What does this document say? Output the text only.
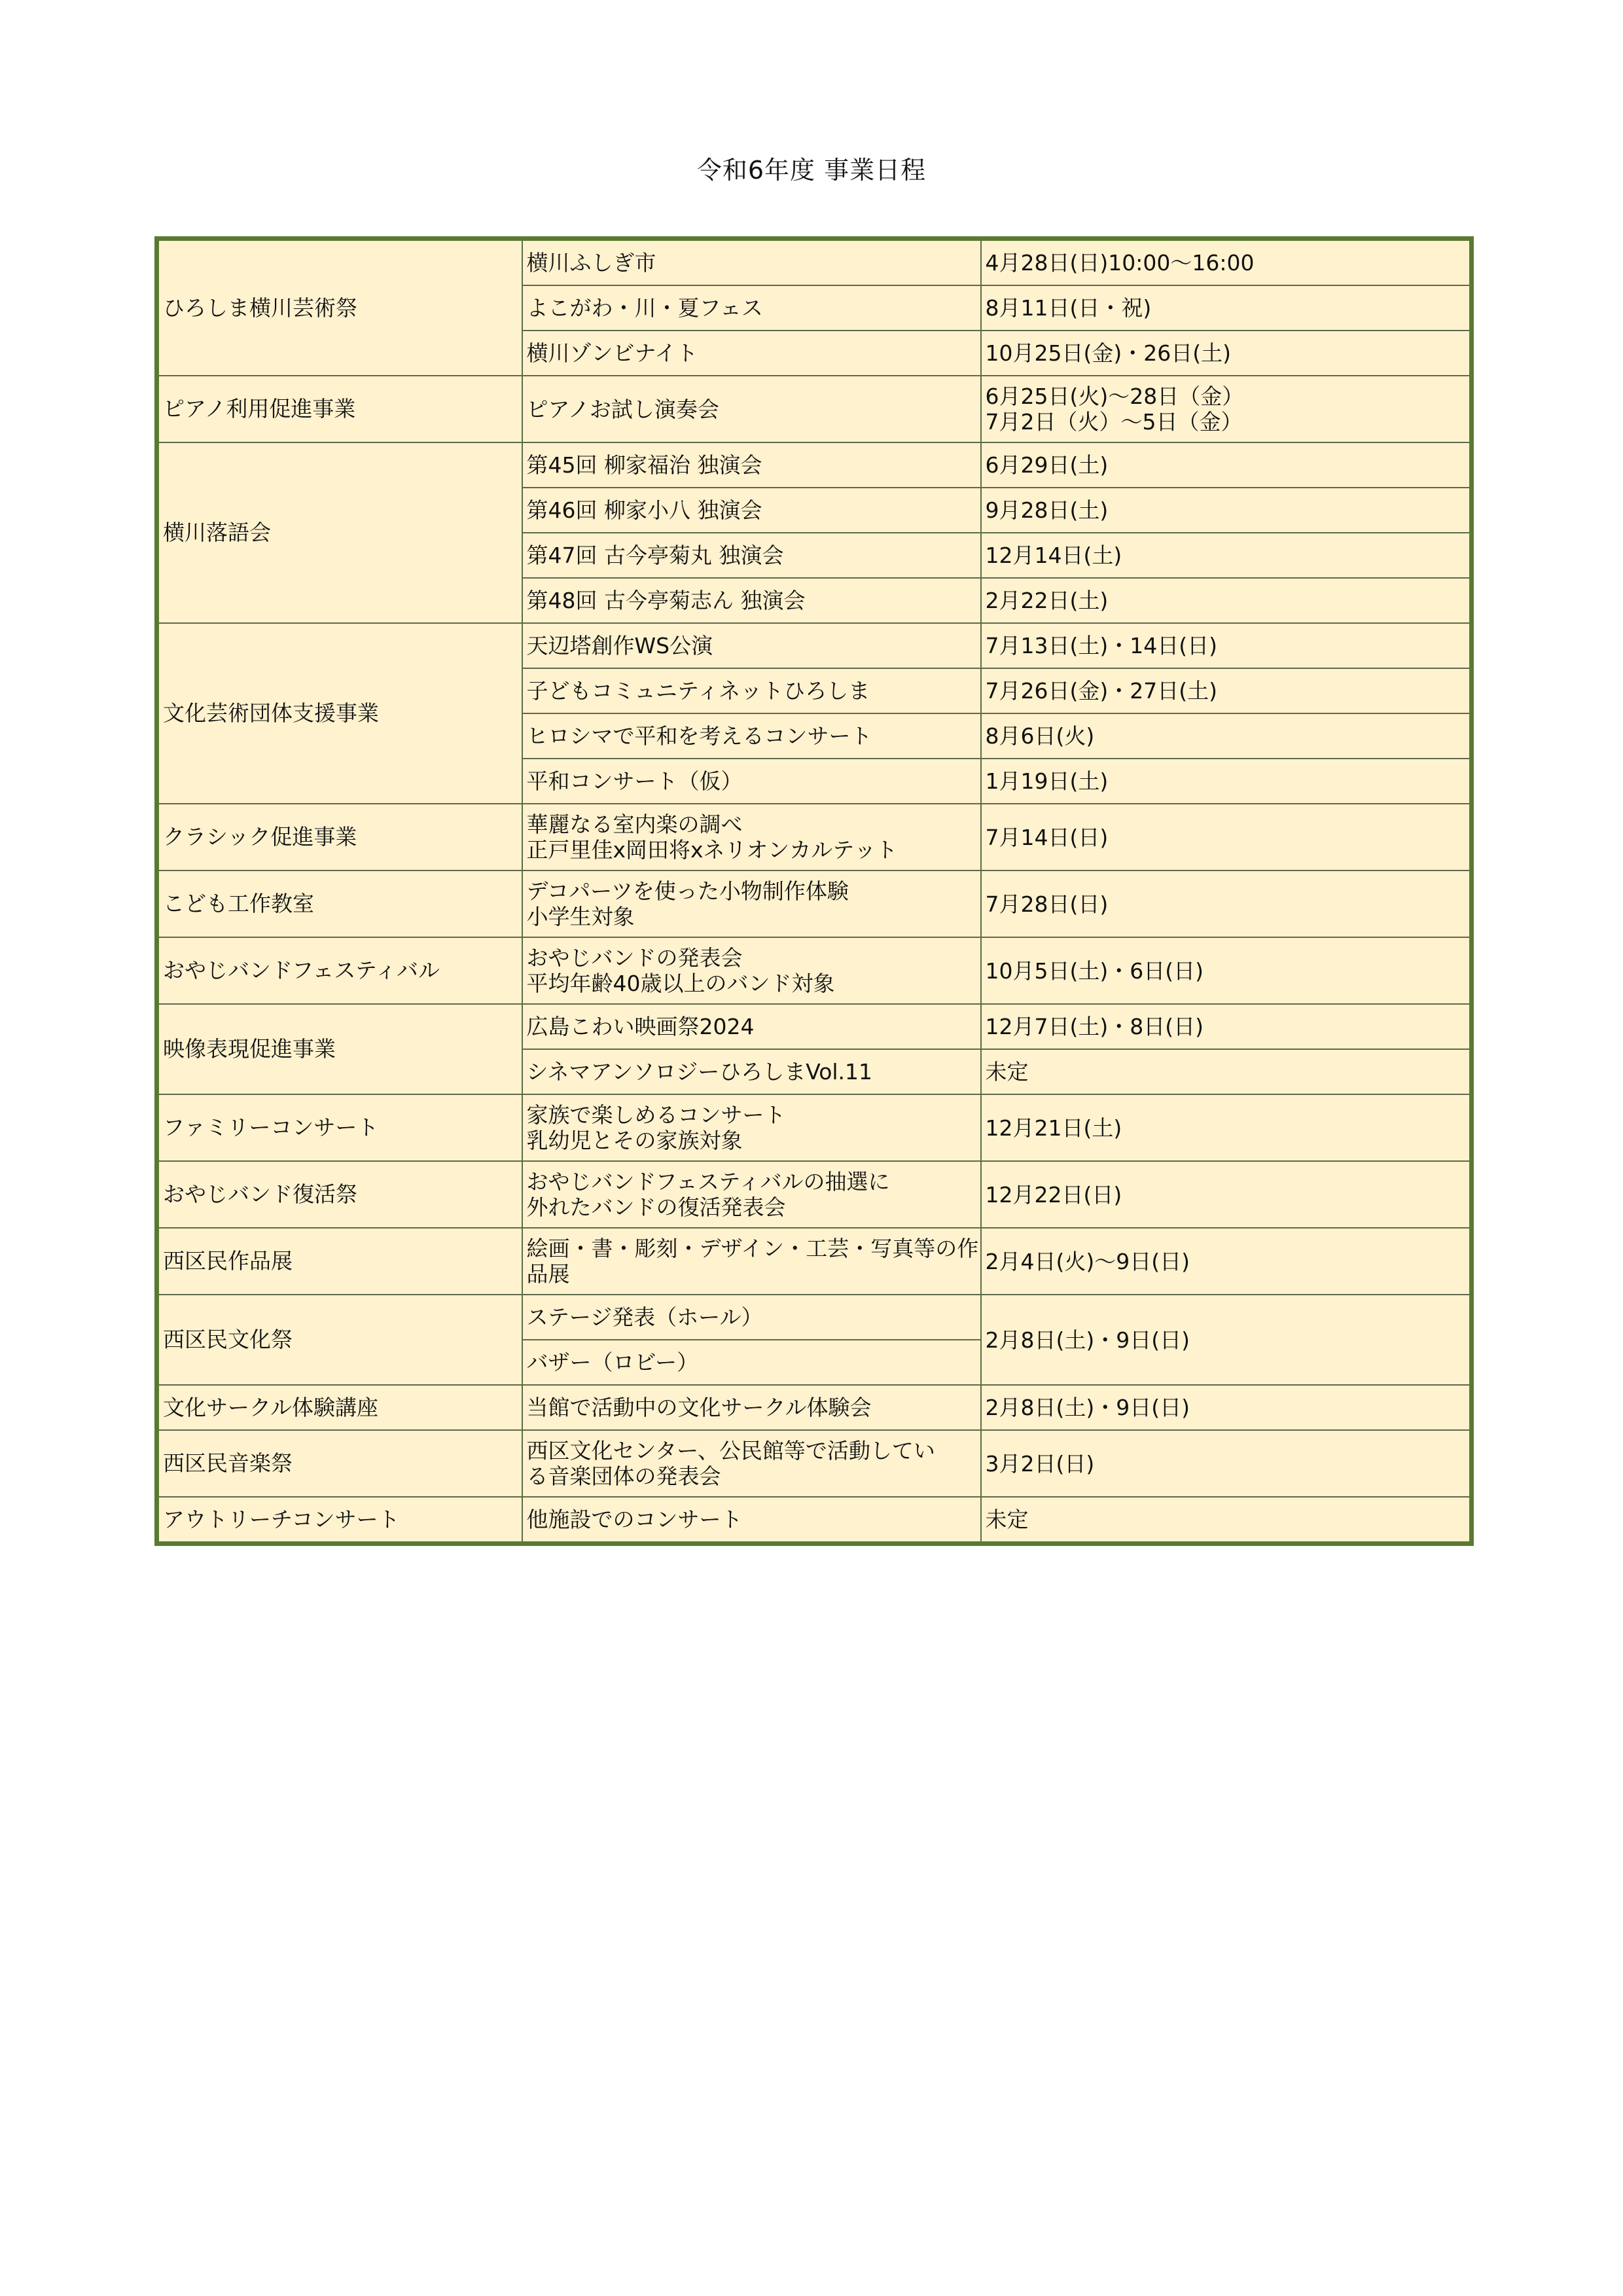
令和6年度 事業日程
ひろしま横川芸術祭	横川ふしぎ市	4月28日(日)10:00～16:00

	よこがわ・川・夏フェス	8月11日(日・祝)

	横川ゾンビナイト	10月25日(金)・26日(土)

ピアノ利用促進事業	ピアノお試し演奏会	6月25日(火)～28日（金）
7月2日（火）～5日（金）

横川落語会	第45回 柳家福治 独演会	6月29日(土)

	第46回 柳家小八 独演会	9月28日(土)

	第47回 古今亭菊丸 独演会	12月14日(土)

	第48回 古今亭菊志ん 独演会	2月22日(土)

文化芸術団体支援事業	天辺塔創作WS公演	7月13日(土)・14日(日)

	子どもコミュニティネットひろしま	7月26日(金)・27日(土)

	ヒロシマで平和を考えるコンサート	8月6日(火)

	平和コンサート（仮）	1月19日(土)

クラシック促進事業	華麗なる室内楽の調べ
正戸里佳x岡田将xネリオンカルテット	7月14日(日)

こども工作教室	デコパーツを使った小物制作体験
小学生対象	7月28日(日)

おやじバンドフェスティバル	おやじバンドの発表会
平均年齢40歳以上のバンド対象	10月5日(土)・6日(日)

映像表現促進事業	広島こわい映画祭2024	12月7日(土)・8日(日)

	シネマアンソロジーひろしまVol.11	未定

ファミリーコンサート	家族で楽しめるコンサート
乳幼児とその家族対象	12月21日(土)

おやじバンド復活祭	おやじバンドフェスティバルの抽選に
外れたバンドの復活発表会	12月22日(日)

西区民作品展	絵画・書・彫刻・デザイン・工芸・写真等の作
品展	2月4日(火)～9日(日)

西区民文化祭	ステージ発表（ホール）	2月8日(土)・9日(日)

	バザー（ロビー）	

文化サークル体験講座	当館で活動中の文化サークル体験会	2月8日(土)・9日(日)

西区民音楽祭	西区文化センター、公民館等で活動してい
る音楽団体の発表会	3月2日(日)

アウトリーチコンサート	他施設でのコンサート	未定
